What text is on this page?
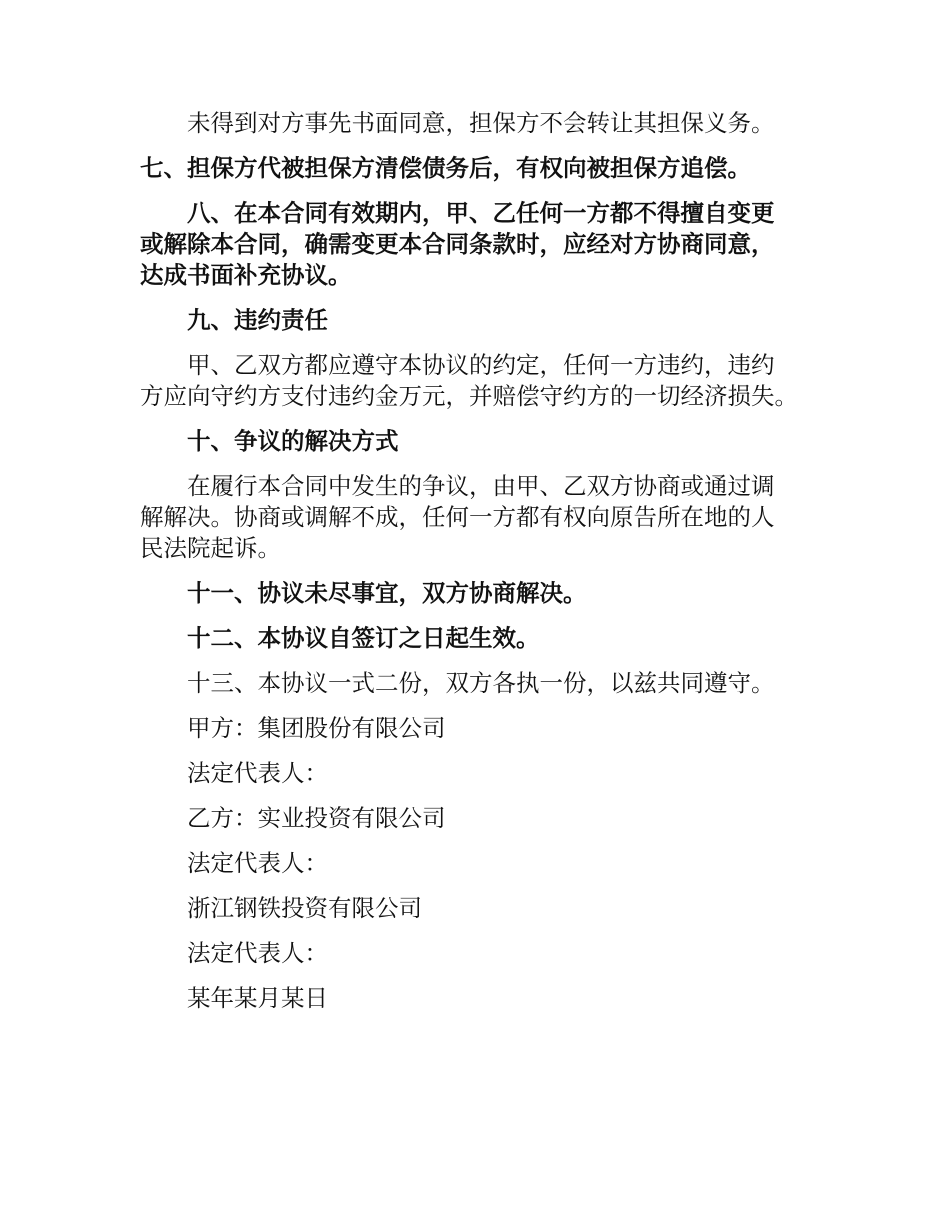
未得到对方事先书面同意，担保方不会转让其担保义务。

七、担保方代被担保方清偿债务后，有权向被担保方追偿。

八、在本合同有效期内，甲、乙任何一方都不得擅自变更
或解除本合同，确需变更本合同条款时，应经对方协商同意，
达成书面补充协议。

九、违约责任

甲、乙双方都应遵守本协议的约定，任何一方违约，违约
方应向守约方支付违约金万元，并赔偿守约方的一切经济损失。

十、争议的解决方式

在履行本合同中发生的争议，由甲、乙双方协商或通过调
解解决。协商或调解不成，任何一方都有权向原告所在地的人
民法院起诉。

十一、协议未尽事宜，双方协商解决。

十二、本协议自签订之日起生效。

十三、本协议一式二份，双方各执一份，以兹共同遵守。

甲方：集团股份有限公司

法定代表人：

乙方：实业投资有限公司

法定代表人：

浙江钢铁投资有限公司

法定代表人：

某年某月某日
